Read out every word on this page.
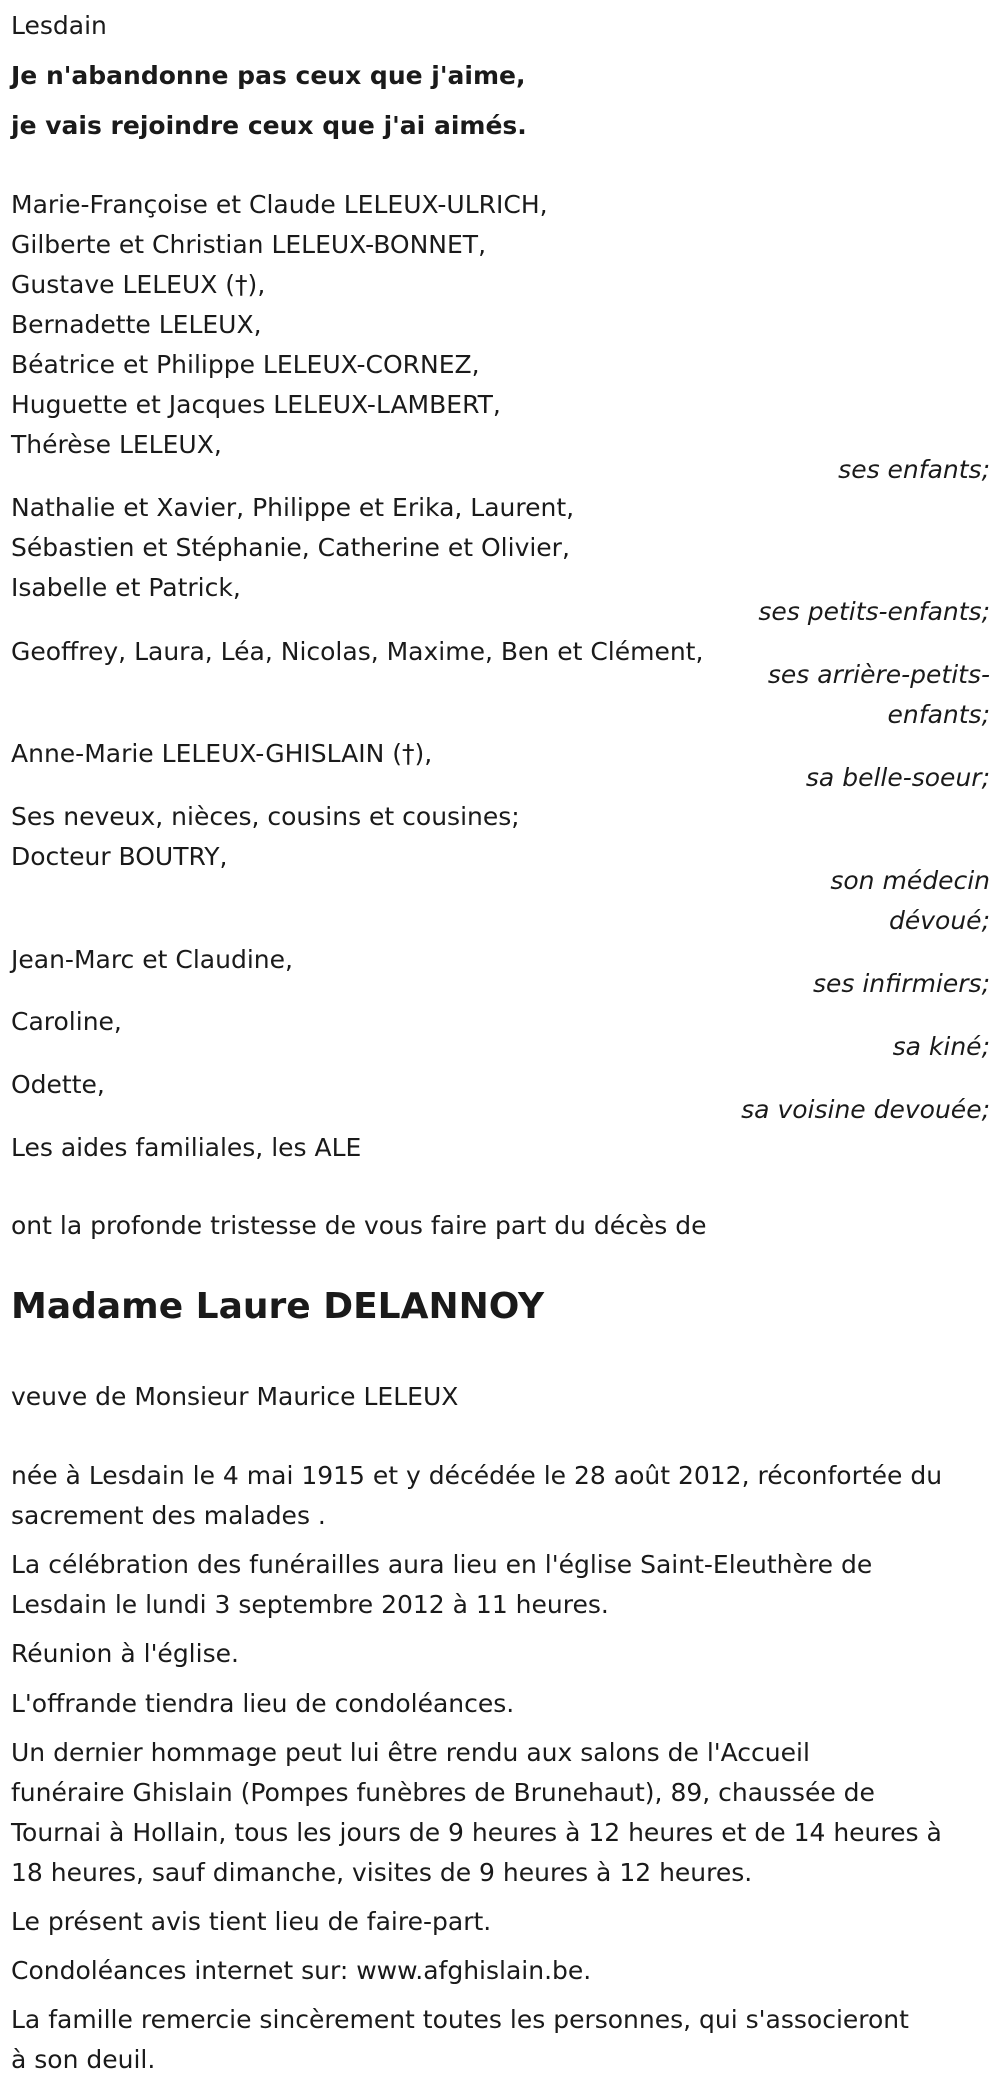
Lesdain
Je n'abandonne pas ceux que j'aime,
je vais rejoindre ceux que j'ai aimés.
Marie-Françoise et Claude LELEUX-ULRICH,
Gilberte et Christian LELEUX-BONNET,
Gustave LELEUX (†),
Bernadette LELEUX,
Béatrice et Philippe LELEUX-CORNEZ,
Huguette et Jacques LELEUX-LAMBERT,
Thérèse LELEUX,
ses enfants;
Nathalie et Xavier, Philippe et Erika, Laurent,
Sébastien et Stéphanie, Catherine et Olivier,
Isabelle et Patrick,
ses petits-enfants;
Geoffrey, Laura, Léa, Nicolas, Maxime, Ben et Clément,
ses arrière-petits-
enfants;
Anne-Marie LELEUX-GHISLAIN (†),
sa belle-soeur;
Ses neveux, nièces, cousins et cousines;
Docteur BOUTRY,
son médecin
dévoué;
Jean-Marc et Claudine,
ses infirmiers;
Caroline,
sa kiné;
Odette,
sa voisine devouée;
Les aides familiales, les ALE
ont la profonde tristesse de vous faire part du décès de
Madame Laure DELANNOY
veuve de Monsieur Maurice LELEUX
née à Lesdain le 4 mai 1915 et y décédée le 28 août 2012, réconfortée du
sacrement des malades .
La célébration des funérailles aura lieu en l'église Saint-Eleuthère de
Lesdain le lundi 3 septembre 2012 à 11 heures.
Réunion à l'église.
L'offrande tiendra lieu de condoléances.
Un dernier hommage peut lui être rendu aux salons de l'Accueil
funéraire Ghislain (Pompes funèbres de Brunehaut), 89, chaussée de
Tournai à Hollain, tous les jours de 9 heures à 12 heures et de 14 heures à
18 heures, sauf dimanche, visites de 9 heures à 12 heures.
Le présent avis tient lieu de faire-part.
Condoléances internet sur: www.afghislain.be.
La famille remercie sincèrement toutes les personnes, qui s'associeront
à son deuil.
